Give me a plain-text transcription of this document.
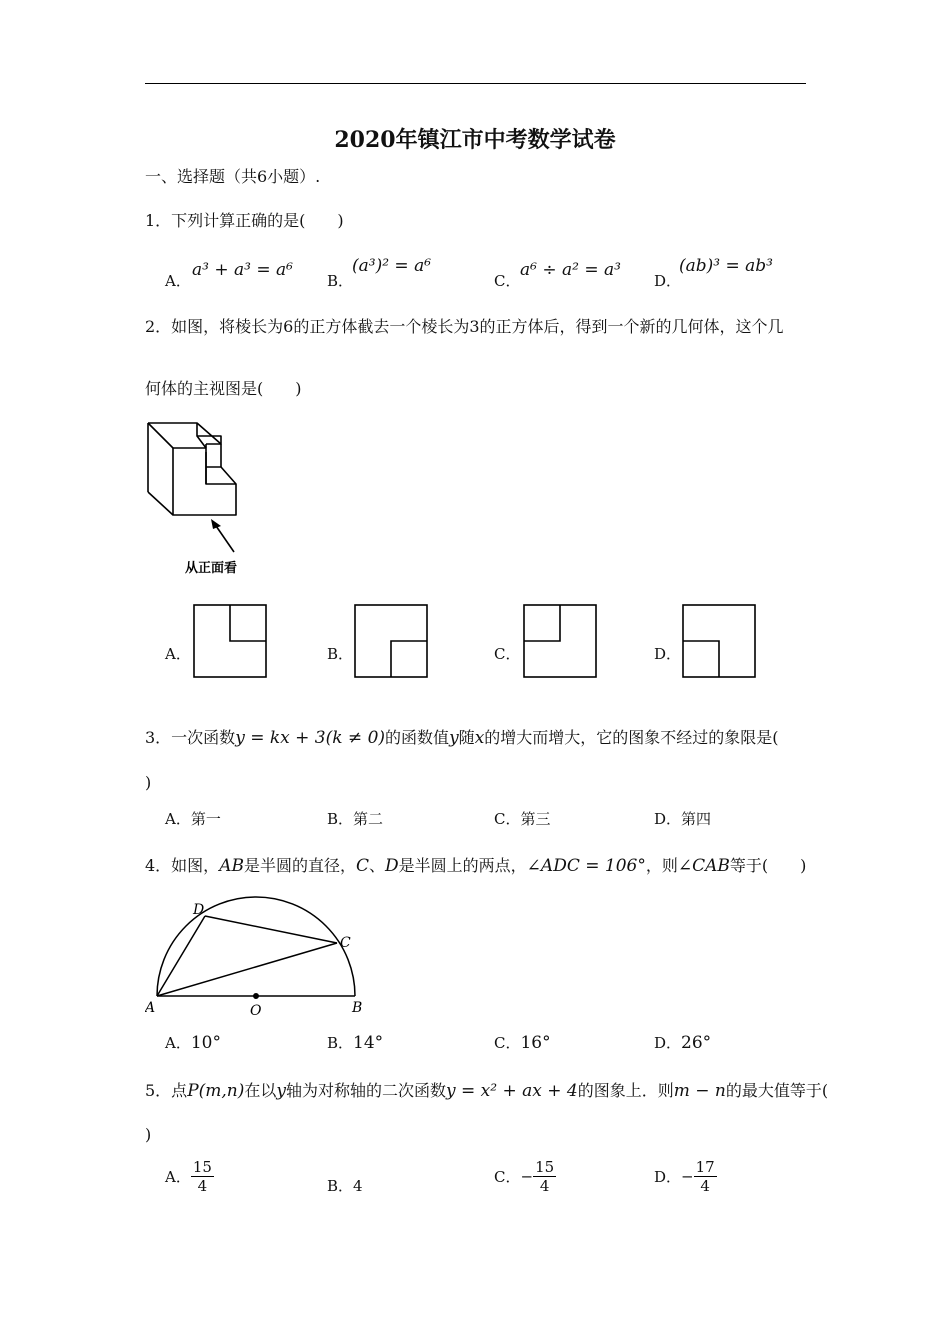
2020年镇江市中考数学试卷
一、选择题（共6小题）.
1．下列计算正确的是(　　)
A．
a³ + a³ = a⁶
B．
(a³)² = a⁶
C．
a⁶ ÷ a² = a³
D．
(ab)³ = ab³
2．如图，将棱长为6的正方体截去一个棱长为3的正方体后，得到一个新的几何体，这个几
何体的主视图是(　　)
从正面看
A．	B．	C．	D．
3．一次函数y = kx + 3(k ≠ 0)的函数值y随x的增大而增大，它的图象不经过的象限是(
)
A．第一	B．第二	C．第三	D．第四
4．如图，AB是半圆的直径，C、D是半圆上的两点，∠ADC = 106°，则∠CAB等于(　　)
A	B
C
D
O
A．10°	B．14°	C．16°	D．26°
5．点P(m,n)在以y轴为对称轴的二次函数y = x² + ax + 4的图象上．则m − n的最大值等于(
)
A． $\frac{15}{4}$	B．4	C．− $\frac{15}{4}$	D．− $\frac{17}{4}$
